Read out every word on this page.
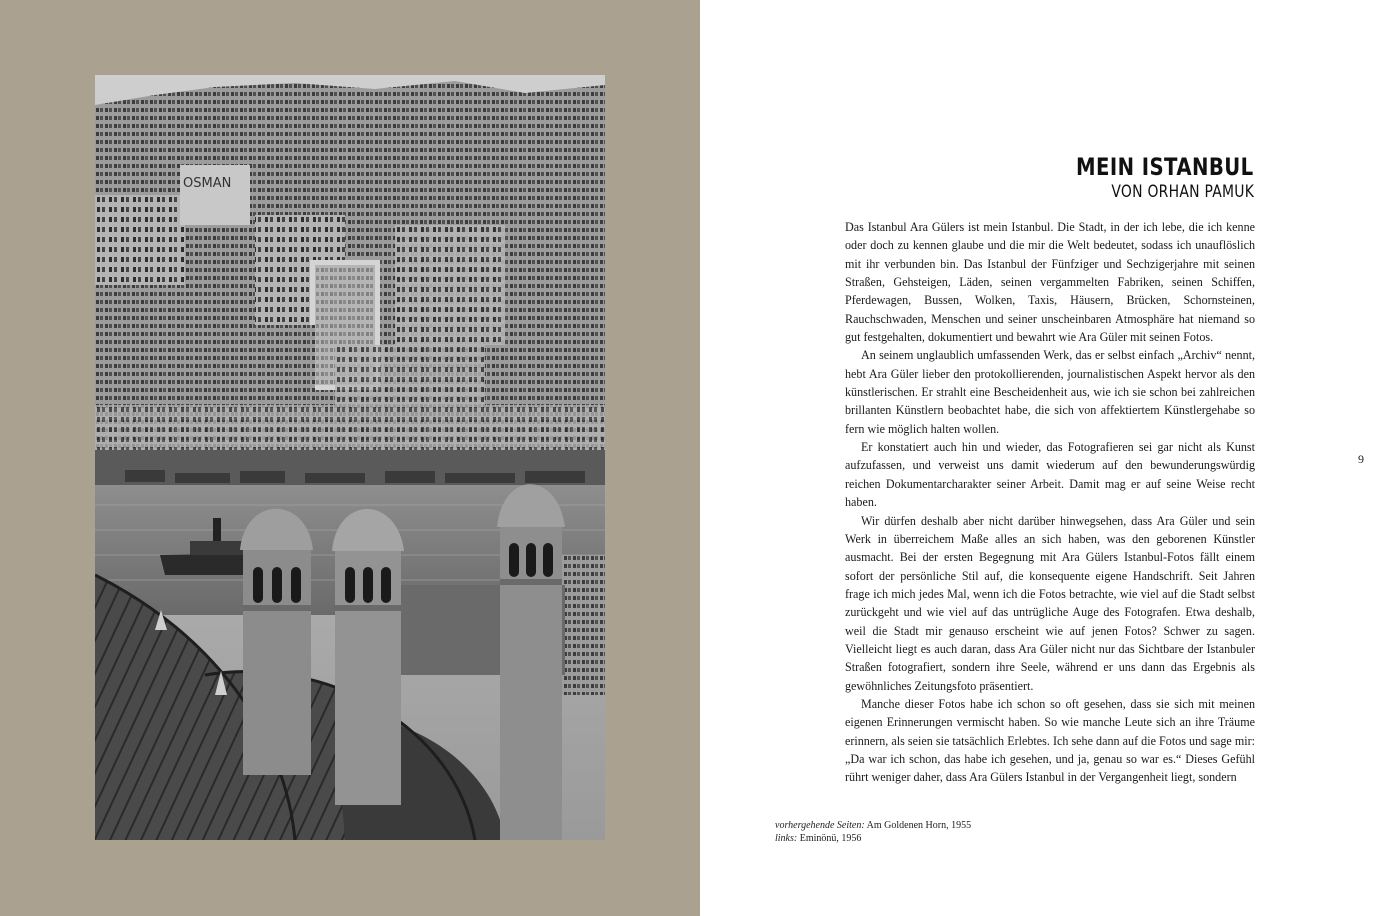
OSMAN
MEIN ISTANBUL
VON ORHAN PAMUK

Das Istanbul Ara Gülers ist mein Istanbul. Die Stadt, in der ich lebe, die ich kenne oder doch zu kennen glaube und die mir die Welt bedeutet, sodass ich unauflöslich mit ihr verbunden bin. Das Istanbul der Fünfziger und Sechzigerjahre mit seinen Straßen, Gehsteigen, Läden, seinen vergammelten Fabriken, seinen Schiffen, Pferdewagen, Bussen, Wolken, Taxis, Häusern, Brücken, Schornsteinen, Rauchschwaden, Menschen und seiner unscheinbaren Atmosphäre hat niemand so gut festgehalten, dokumentiert und bewahrt wie Ara Güler mit seinen Fotos.

An seinem unglaublich umfassenden Werk, das er selbst einfach „Archiv“ nennt, hebt Ara Güler lieber den protokollierenden, journalistischen Aspekt hervor als den künstlerischen. Er strahlt eine Bescheidenheit aus, wie ich sie schon bei zahlreichen brillanten Künstlern beobachtet habe, die sich von affektiertem Künstlergehabe so fern wie möglich halten wollen.

Er konstatiert auch hin und wieder, das Fotografieren sei gar nicht als Kunst aufzufassen, und verweist uns damit wiederum auf den bewunderungswürdig reichen Dokumentarcharakter seiner Arbeit. Damit mag er auf seine Weise recht haben.

Wir dürfen deshalb aber nicht darüber hinwegsehen, dass Ara Güler und sein Werk in überreichem Maße alles an sich haben, was den geborenen Künstler ausmacht. Bei der ersten Begegnung mit Ara Gülers Istanbul-Fotos fällt einem sofort der persönliche Stil auf, die konsequente eigene Handschrift. Seit Jahren frage ich mich jedes Mal, wenn ich die Fotos betrachte, wie viel auf die Stadt selbst zurückgeht und wie viel auf das untrügliche Auge des Fotografen. Etwa deshalb, weil die Stadt mir genauso erscheint wie auf jenen Fotos? Schwer zu sagen. Vielleicht liegt es auch daran, dass Ara Güler nicht nur das Sichtbare der Istanbuler Straßen fotografiert, sondern ihre Seele, während er uns dann das Ergebnis als gewöhnliches Zeitungsfoto präsentiert.

Manche dieser Fotos habe ich schon so oft gesehen, dass sie sich mit meinen eigenen Erinnerungen vermischt haben. So wie manche Leute sich an ihre Träume erinnern, als seien sie tatsächlich Erlebtes. Ich sehe dann auf die Fotos und sage mir: „Da war ich schon, das habe ich gesehen, und ja, genau so war es.“ Dieses Gefühl rührt weniger daher, dass Ara Gülers Istanbul in der Vergangenheit liegt, sondern

9
vorhergehende Seiten: Am Goldenen Horn, 1955
links: Eminönü, 1956
